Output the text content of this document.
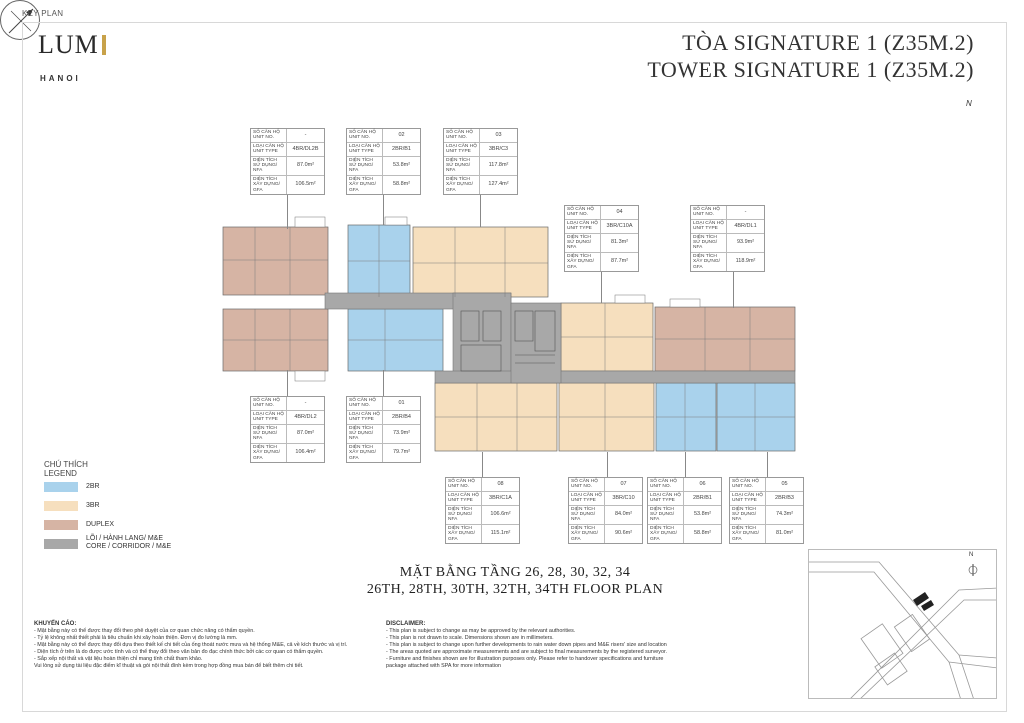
KEY PLAN
LUM
HANOI
TÒA SIGNATURE 1 (Z35M.2)
TOWER SIGNATURE 1 (Z35M.2)
N
SỐ CĂN HỘ UNIT NO.
-
LOẠI CĂN HỘ UNIT TYPE
4BR/DL2B
DIỆN TÍCH SỬ DỤNG/ NFA
87.0m²
DIỆN TÍCH XÂY DỰNG/ GFA
106.5m²
SỐ CĂN HỘ UNIT NO.
02
LOẠI CĂN HỘ UNIT TYPE
2BR/B1
DIỆN TÍCH SỬ DỤNG/ NFA
53.8m²
DIỆN TÍCH XÂY DỰNG/ GFA
58.8m²
SỐ CĂN HỘ UNIT NO.
03
LOẠI CĂN HỘ UNIT TYPE
3BR/C3
DIỆN TÍCH SỬ DỤNG/ NFA
117.8m²
DIỆN TÍCH XÂY DỰNG/ GFA
127.4m²
SỐ CĂN HỘ UNIT NO.
04
LOẠI CĂN HỘ UNIT TYPE
3BR/C10A
DIỆN TÍCH SỬ DỤNG/ NFA
81.3m²
DIỆN TÍCH XÂY DỰNG/ GFA
87.7m²
SỐ CĂN HỘ UNIT NO.
-
LOẠI CĂN HỘ UNIT TYPE
4BR/DL1
DIỆN TÍCH SỬ DỤNG/ NFA
93.9m²
DIỆN TÍCH XÂY DỰNG/ GFA
118.9m²
SỐ CĂN HỘ UNIT NO.
-
LOẠI CĂN HỘ UNIT TYPE
4BR/DL2
DIỆN TÍCH SỬ DỤNG/ NFA
87.0m²
DIỆN TÍCH XÂY DỰNG/ GFA
106.4m²
SỐ CĂN HỘ UNIT NO.
01
LOẠI CĂN HỘ UNIT TYPE
2BR/B4
DIỆN TÍCH SỬ DỤNG/ NFA
73.9m²
DIỆN TÍCH XÂY DỰNG/ GFA
79.7m²
SỐ CĂN HỘ UNIT NO.
08
LOẠI CĂN HỘ UNIT TYPE
3BR/C1A
DIỆN TÍCH SỬ DỤNG/ NFA
106.6m²
DIỆN TÍCH XÂY DỰNG/ GFA
115.1m²
SỐ CĂN HỘ UNIT NO.
07
LOẠI CĂN HỘ UNIT TYPE
3BR/C10
DIỆN TÍCH SỬ DỤNG/ NFA
84.0m²
DIỆN TÍCH XÂY DỰNG/ GFA
90.6m²
SỐ CĂN HỘ UNIT NO.
06
LOẠI CĂN HỘ UNIT TYPE
2BR/B1
DIỆN TÍCH SỬ DỤNG/ NFA
53.8m²
DIỆN TÍCH XÂY DỰNG/ GFA
58.8m²
SỐ CĂN HỘ UNIT NO.
05
LOẠI CĂN HỘ UNIT TYPE
2BR/B3
DIỆN TÍCH SỬ DỤNG/ NFA
74.3m²
DIỆN TÍCH XÂY DỰNG/ GFA
81.0m²
CHÚ THÍCH
LEGEND
2BR
3BR
DUPLEX
LÕI / HÀNH LANG/ M&E
CORE / CORRIDOR / M&E
MẶT BẰNG TẦNG 26, 28, 30, 32, 34
26TH, 28TH, 30TH, 32TH, 34TH FLOOR PLAN
KHUYẾN CÁO:
- Mặt bằng này có thể được thay đổi theo phê duyệt của cơ quan chức năng có thẩm quyền.
- Tỷ lệ không nhất thiết phải là tiêu chuẩn khi xây hoàn thiện. Đơn vị đo lường là mm.
- Mặt bằng này có thể được thay đổi dựa theo thiết kế chi tiết của ống thoát nước mưa và hệ thống M&E, cả về kích thước và vị trí.
- Diện tích ở trên là do được ước tính và có thể thay đổi theo văn bản đo đạc chính thức bởi các cơ quan có thẩm quyền.
- Sắp xếp nội thất và vật liệu hoàn thiện chỉ mang tính chất tham khảo.
Vui lòng sử dụng tài liệu đặc điểm kĩ thuật và gói nội thất đính kèm trong hợp đồng mua bán để biết thêm chi tiết.
DISCLAIMER:
- This plan is subject to change as may be approved by the relevant authorities.
- This plan is not drawn to scale. Dimensions shown are in millimeters.
- This plan is subject to change upon further developments to rain water down pipes and M&E risers' size and location
- The areas quoted are approximate measurements and are subject to final measurements by the registered surveyor.
- Furniture and finishes shown are for illustration purposes only. Please refer to handover specifications and furniture
package attached with SPA for more information
N
